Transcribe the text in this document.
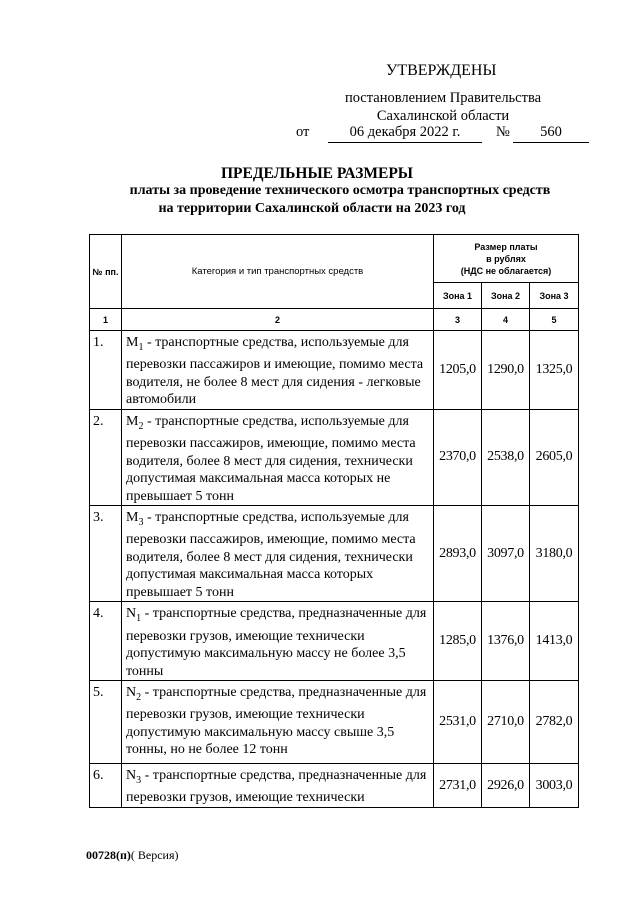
УТВЕРЖДЕНЫ
постановлением Правительства
Сахалинской области
от	06 декабря 2022 г.	№	560
ПРЕДЕЛЬНЫЕ РАЗМЕРЫ
платы за проведение технического осмотра транспортных средств
на территории Сахалинской области на 2023 год
№ пп.	Категория и тип транспортных средств	Размер платы
в рублях
(НДС не облагается)		

		Зона 1	Зона 2	Зона 3
1	2	3	4	5
1.	$M_1$ - транспортные средства, используемые для перевозки пассажиров и имеющие, помимо места водителя, не более 8 мест для сидения - легковые автомобили	1205,0	1290,0	1325,0
2.	$M_2$ - транспортные средства, используемые для перевозки пассажиров, имеющие, помимо места водителя, более 8 мест для сидения, технически допустимая максимальная масса которых не превышает 5 тонн	2370,0	2538,0	2605,0
3.	$M_3$ - транспортные средства, используемые для перевозки пассажиров, имеющие, помимо места водителя, более 8 мест для сидения, технически допустимая максимальная масса которых превышает 5 тонн	2893,0	3097,0	3180,0
4.	$N_1$ - транспортные средства, предназначенные для перевозки грузов, имеющие технически допустимую максимальную массу не более 3,5 тонны	1285,0	1376,0	1413,0
5.	$N_2$ - транспортные средства, предназначенные для перевозки грузов, имеющие технически допустимую максимальную массу свыше 3,5 тонны, но не более 12 тонн	2531,0	2710,0	2782,0
6.	$N_3$ - транспортные средства, предназначенные для перевозки грузов, имеющие технически	2731,0	2926,0	3003,0
00728(п)( Версия)
